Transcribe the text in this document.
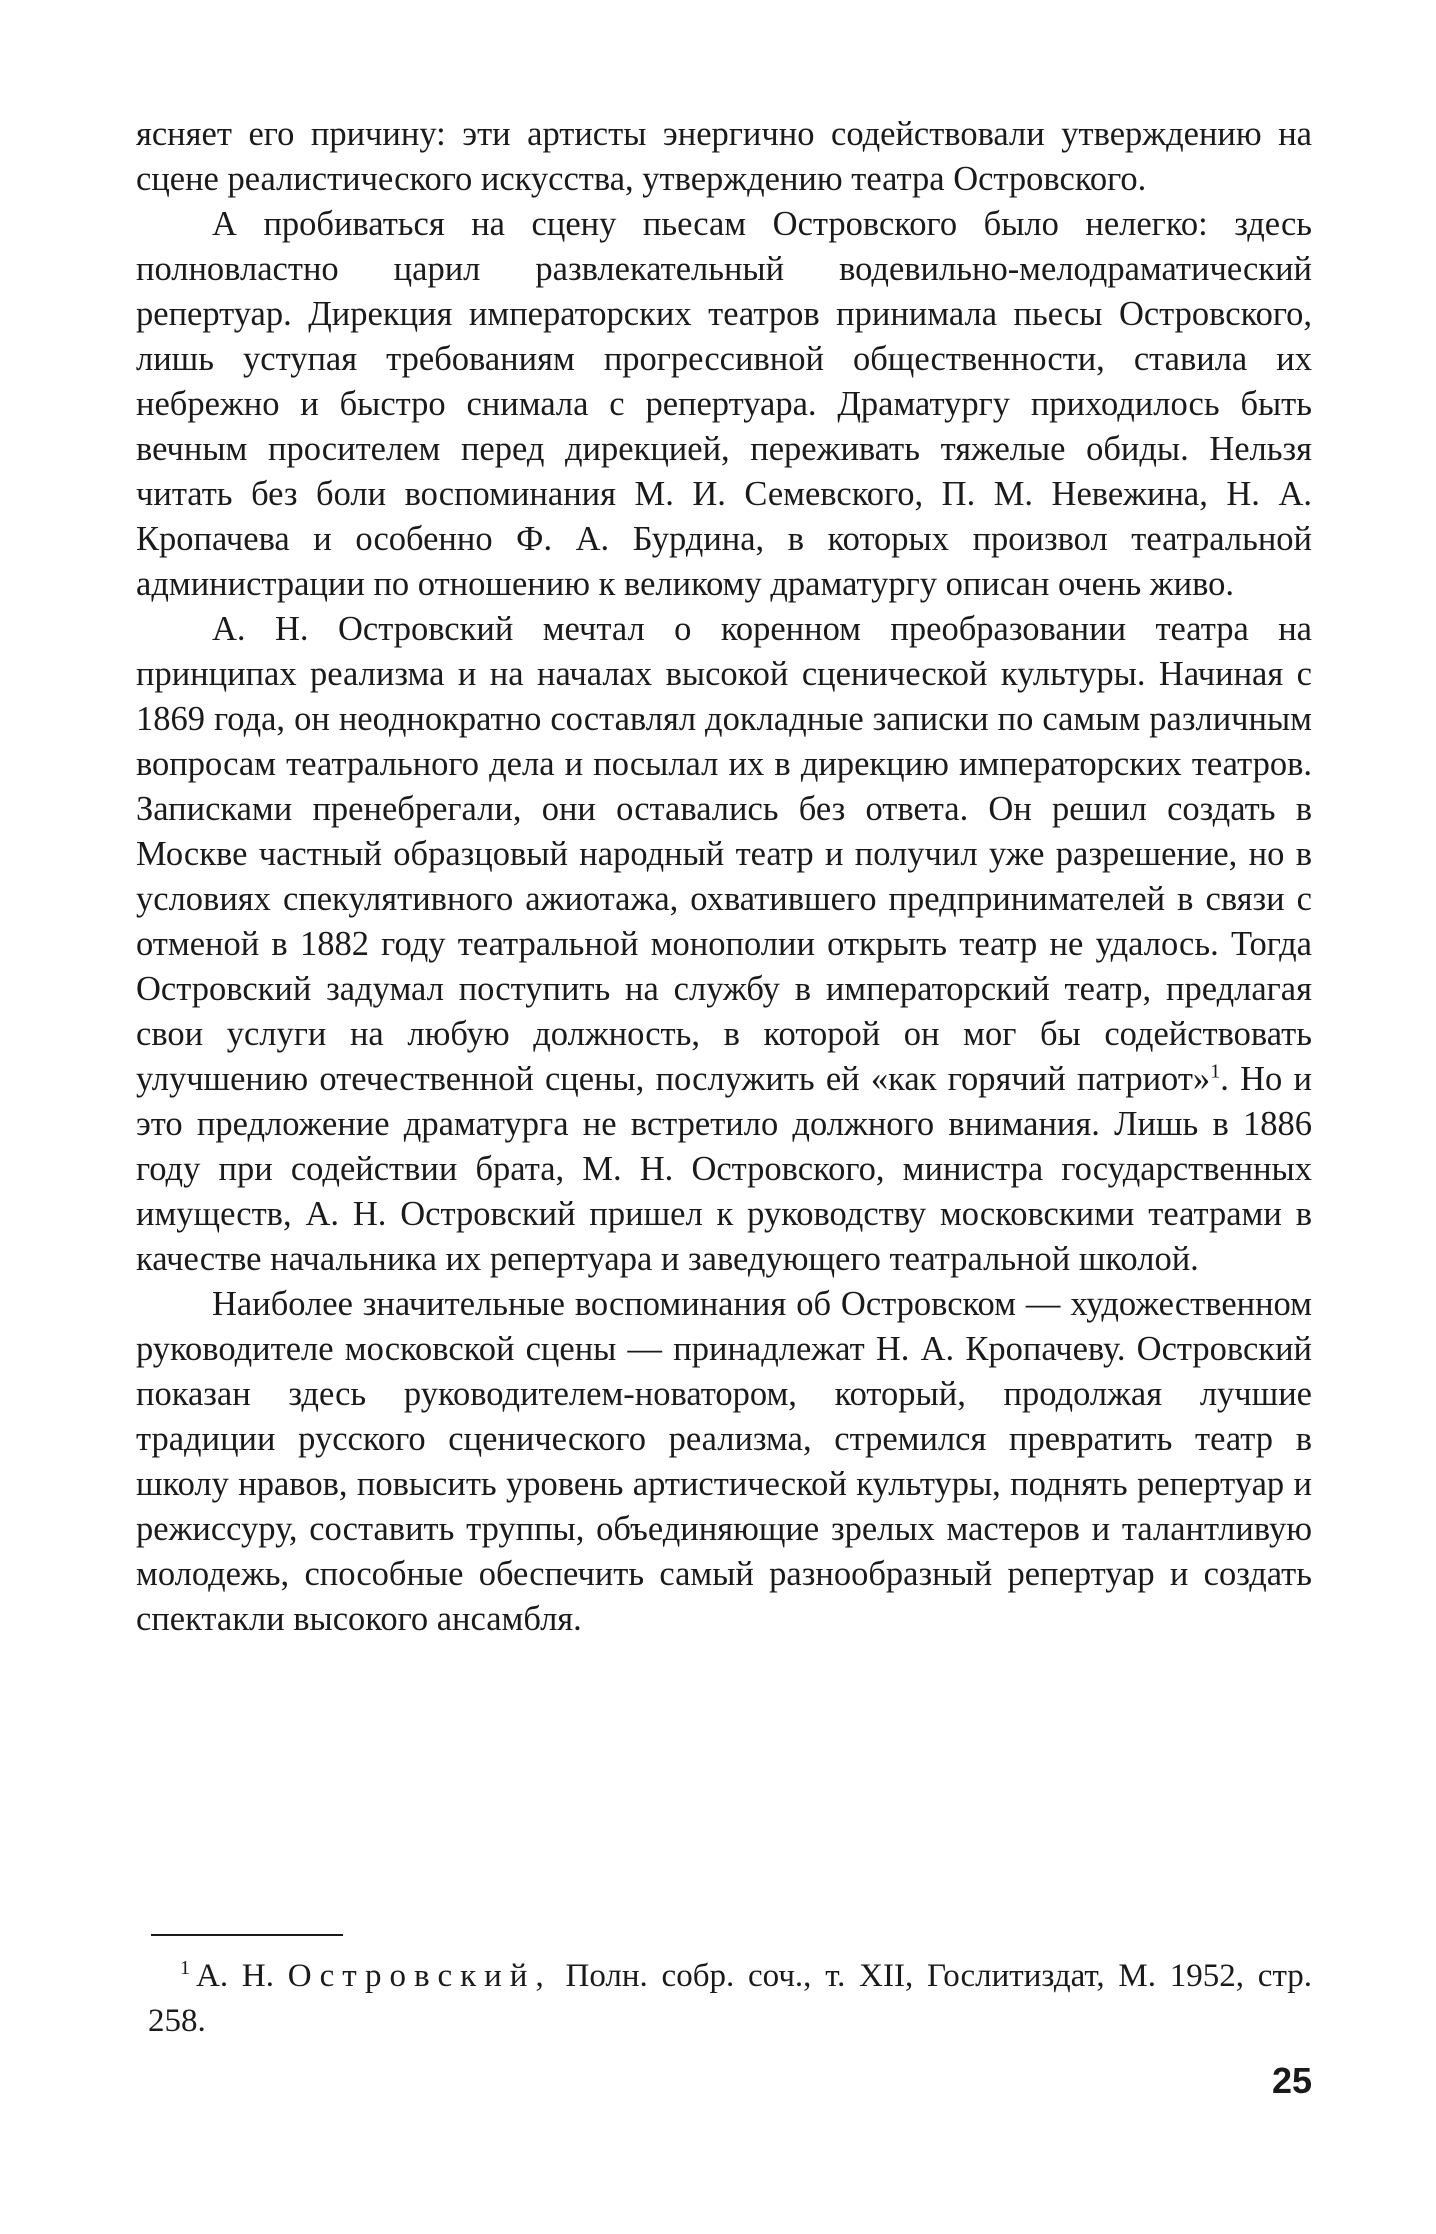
ясняет его причину: эти артисты энергично содействовали утверждению на сцене реалистического искусства, утверждению театра Островского.

А пробиваться на сцену пьесам Островского было нелегко: здесь полновластно царил развлекательный водевильно-мелодраматический репертуар. Дирекция императорских театров принимала пьесы Островского, лишь уступая требованиям прогрессивной общественности, ставила их небрежно и быстро снимала с репертуара. Драматургу приходилось быть вечным просителем перед дирекцией, переживать тяжелые обиды. Нельзя читать без боли воспоминания М. И. Семевского, П. М. Невежина, Н. А. Кропачева и особенно Ф. А. Бурдина, в которых произвол театральной администрации по отношению к великому драматургу описан очень живо.

А. Н. Островский мечтал о коренном преобразовании театра на принципах реализма и на началах высокой сценической культуры. Начиная с 1869 года, он неоднократно составлял докладные записки по самым различным вопросам театрального дела и посылал их в дирекцию императорских театров. Записками пренебрегали, они оставались без ответа. Он решил создать в Москве частный образцовый народный театр и получил уже разрешение, но в условиях спекулятивного ажиотажа, охватившего предпринимателей в связи с отменой в 1882 году театральной монополии открыть театр не удалось. Тогда Островский задумал поступить на службу в императорский театр, предлагая свои услуги на любую должность, в которой он мог бы содействовать улучшению отечественной сцены, послужить ей «как горячий патриот»$^1$. Но и это предложение драматурга не встретило должного внимания. Лишь в 1886 году при содействии брата, М. Н. Островского, министра государственных имуществ, А. Н. Островский пришел к руководству московскими театрами в качестве начальника их репертуара и заведующего театральной школой.

Наиболее значительные воспоминания об Островском — художественном руководителе московской сцены — принадлежат Н. А. Кропачеву. Островский показан здесь руководителем-новатором, который, продолжая лучшие традиции русского сценического реализма, стремился превратить театр в школу нравов, повысить уровень артистической культуры, поднять репертуар и режиссуру, составить труппы, объединяющие зрелых мастеров и талантливую молодежь, способные обеспечить самый разнообразный репертуар и создать спектакли высокого ансамбля.

1 А. Н. Островский, Полн. собр. соч., т. XII, Гослитиздат, М. 1952, стр. 258.

25
